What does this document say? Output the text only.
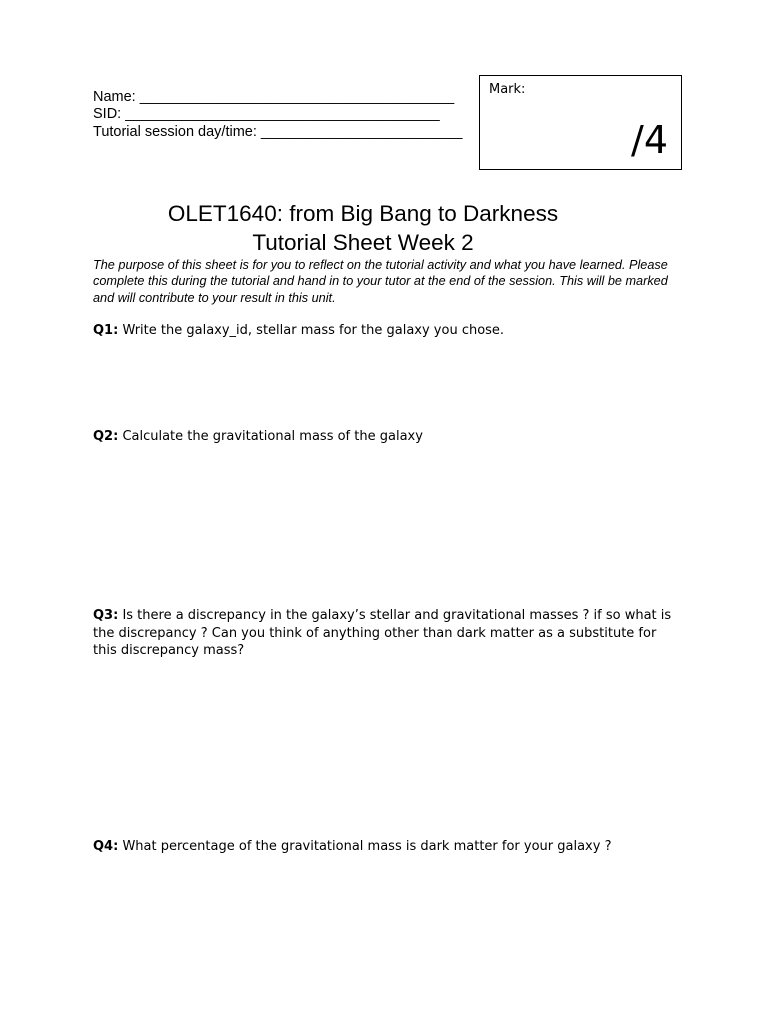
Name: _______________________________________
SID: _______________________________________
Tutorial session day/time: _________________________
Mark:
/4
OLET1640: from Big Bang to Darkness
Tutorial Sheet Week 2
The purpose of this sheet is for you to reflect on the tutorial activity and what you have learned. Please complete this during the tutorial and hand in to your tutor at the end of the session. This will be marked and will contribute to your result in this unit.
Q1: Write the galaxy_id, stellar mass for the galaxy you chose.
Q2: Calculate the gravitational mass of the galaxy
Q3: Is there a discrepancy in the galaxy’s stellar and gravitational masses ? if so what is the discrepancy ? Can you think of anything other than dark matter as a substitute for this discrepancy mass?
Q4: What percentage of the gravitational mass is dark matter for your galaxy ?
